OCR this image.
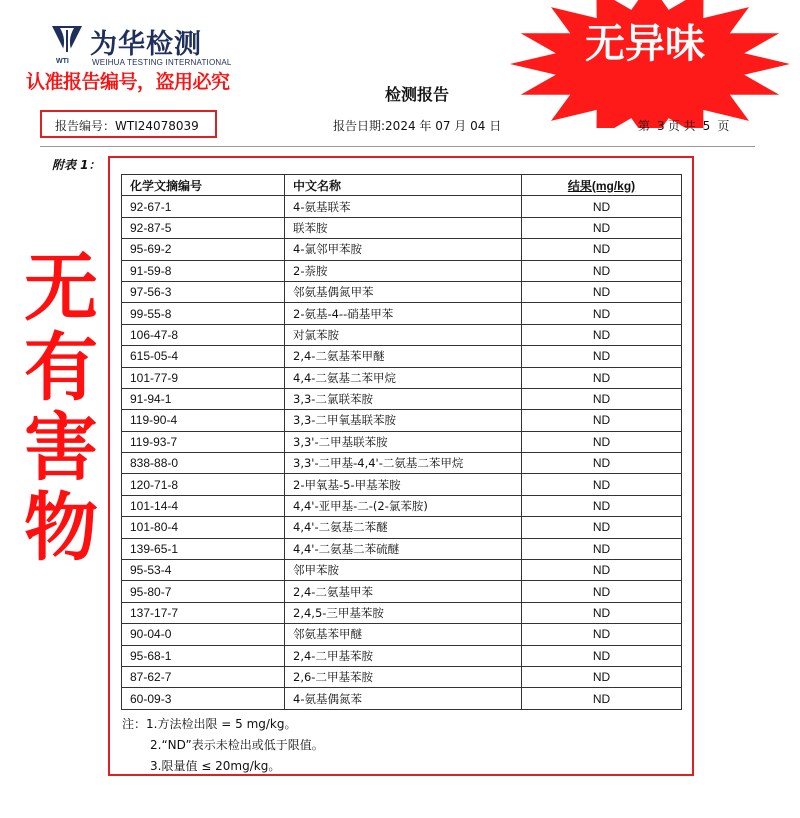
WTI
为华检测
WEIHUA TESTING INTERNATIONAL
认准报告编号，盗用必究
无异味
检测报告
报告编号：WTI24078039	报告日期:2024 年 07 月 04 日	第 3 页 共 5 页
附表 1：
化学文摘编号	中文名称	结果(mg/kg)
92-67-1	4-氨基联苯	ND
92-87-5	联苯胺	ND
95-69-2	4-氯邻甲苯胺	ND
91-59-8	2-萘胺	ND
97-56-3	邻氨基偶氮甲苯	ND
99-55-8	2-氨基-4--硝基甲苯	ND
106-47-8	对氯苯胺	ND
615-05-4	2,4-二氨基苯甲醚	ND
101-77-9	4,4-二氨基二苯甲烷	ND
91-94-1	3,3-二氯联苯胺	ND
119-90-4	3,3-二甲氧基联苯胺	ND
119-93-7	3,3'-二甲基联苯胺	ND
838-88-0	3,3'-二甲基-4,4'-二氨基二苯甲烷	ND
120-71-8	2-甲氧基-5-甲基苯胺	ND
101-14-4	4,4'-亚甲基-二-(2-氯苯胺)	ND
101-80-4	4,4'-二氨基二苯醚	ND
139-65-1	4,4'-二氨基二苯硫醚	ND
95-53-4	邻甲苯胺	ND
95-80-7	2,4-二氨基甲苯	ND
137-17-7	2,4,5-三甲基苯胺	ND
90-04-0	邻氨基苯甲醚	ND
95-68-1	2,4-二甲基苯胺	ND
87-62-7	2,6-二甲基苯胺	ND
60-09-3	4-氨基偶氮苯	ND
注：1.方法检出限 = 5 mg/kg。
2.“ND”表示未检出或低于限值。
3.限量值 ≤ 20mg/kg。
无
有
害
物
